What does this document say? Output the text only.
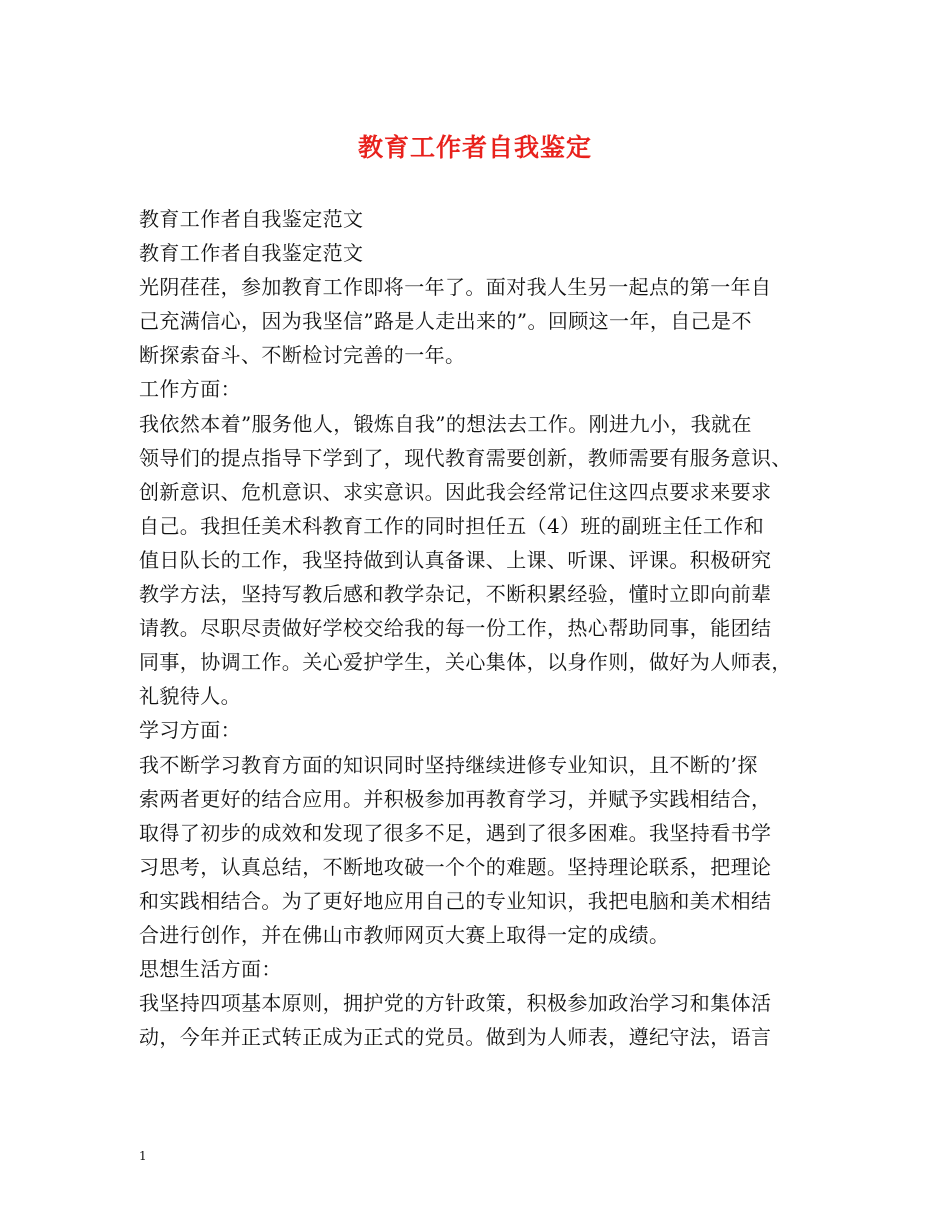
教育工作者自我鉴定
教育工作者自我鉴定范文
教育工作者自我鉴定范文
光阴荏荏，参加教育工作即将一年了。面对我人生另一起点的第一年自
己充满信心，因为我坚信”路是人走出来的”。回顾这一年，自己是不
断探索奋斗、不断检讨完善的一年。
工作方面：
我依然本着”服务他人，锻炼自我”的想法去工作。刚进九小，我就在
领导们的提点指导下学到了，现代教育需要创新，教师需要有服务意识、
创新意识、危机意识、求实意识。因此我会经常记住这四点要求来要求
自己。我担任美术科教育工作的同时担任五（4）班的副班主任工作和
值日队长的工作，我坚持做到认真备课、上课、听课、评课。积极研究
教学方法，坚持写教后感和教学杂记，不断积累经验，懂时立即向前辈
请教。尽职尽责做好学校交给我的每一份工作，热心帮助同事，能团结
同事，协调工作。关心爱护学生，关心集体，以身作则，做好为人师表，
礼貌待人。
学习方面：
我不断学习教育方面的知识同时坚持继续进修专业知识，且不断的’探
索两者更好的结合应用。并积极参加再教育学习，并赋予实践相结合，
取得了初步的成效和发现了很多不足，遇到了很多困难。我坚持看书学
习思考，认真总结，不断地攻破一个个的难题。坚持理论联系，把理论
和实践相结合。为了更好地应用自己的专业知识，我把电脑和美术相结
合进行创作，并在佛山市教师网页大赛上取得一定的成绩。
思想生活方面：
我坚持四项基本原则，拥护党的方针政策，积极参加政治学习和集体活
动，今年并正式转正成为正式的党员。做到为人师表，遵纪守法，语言
1
